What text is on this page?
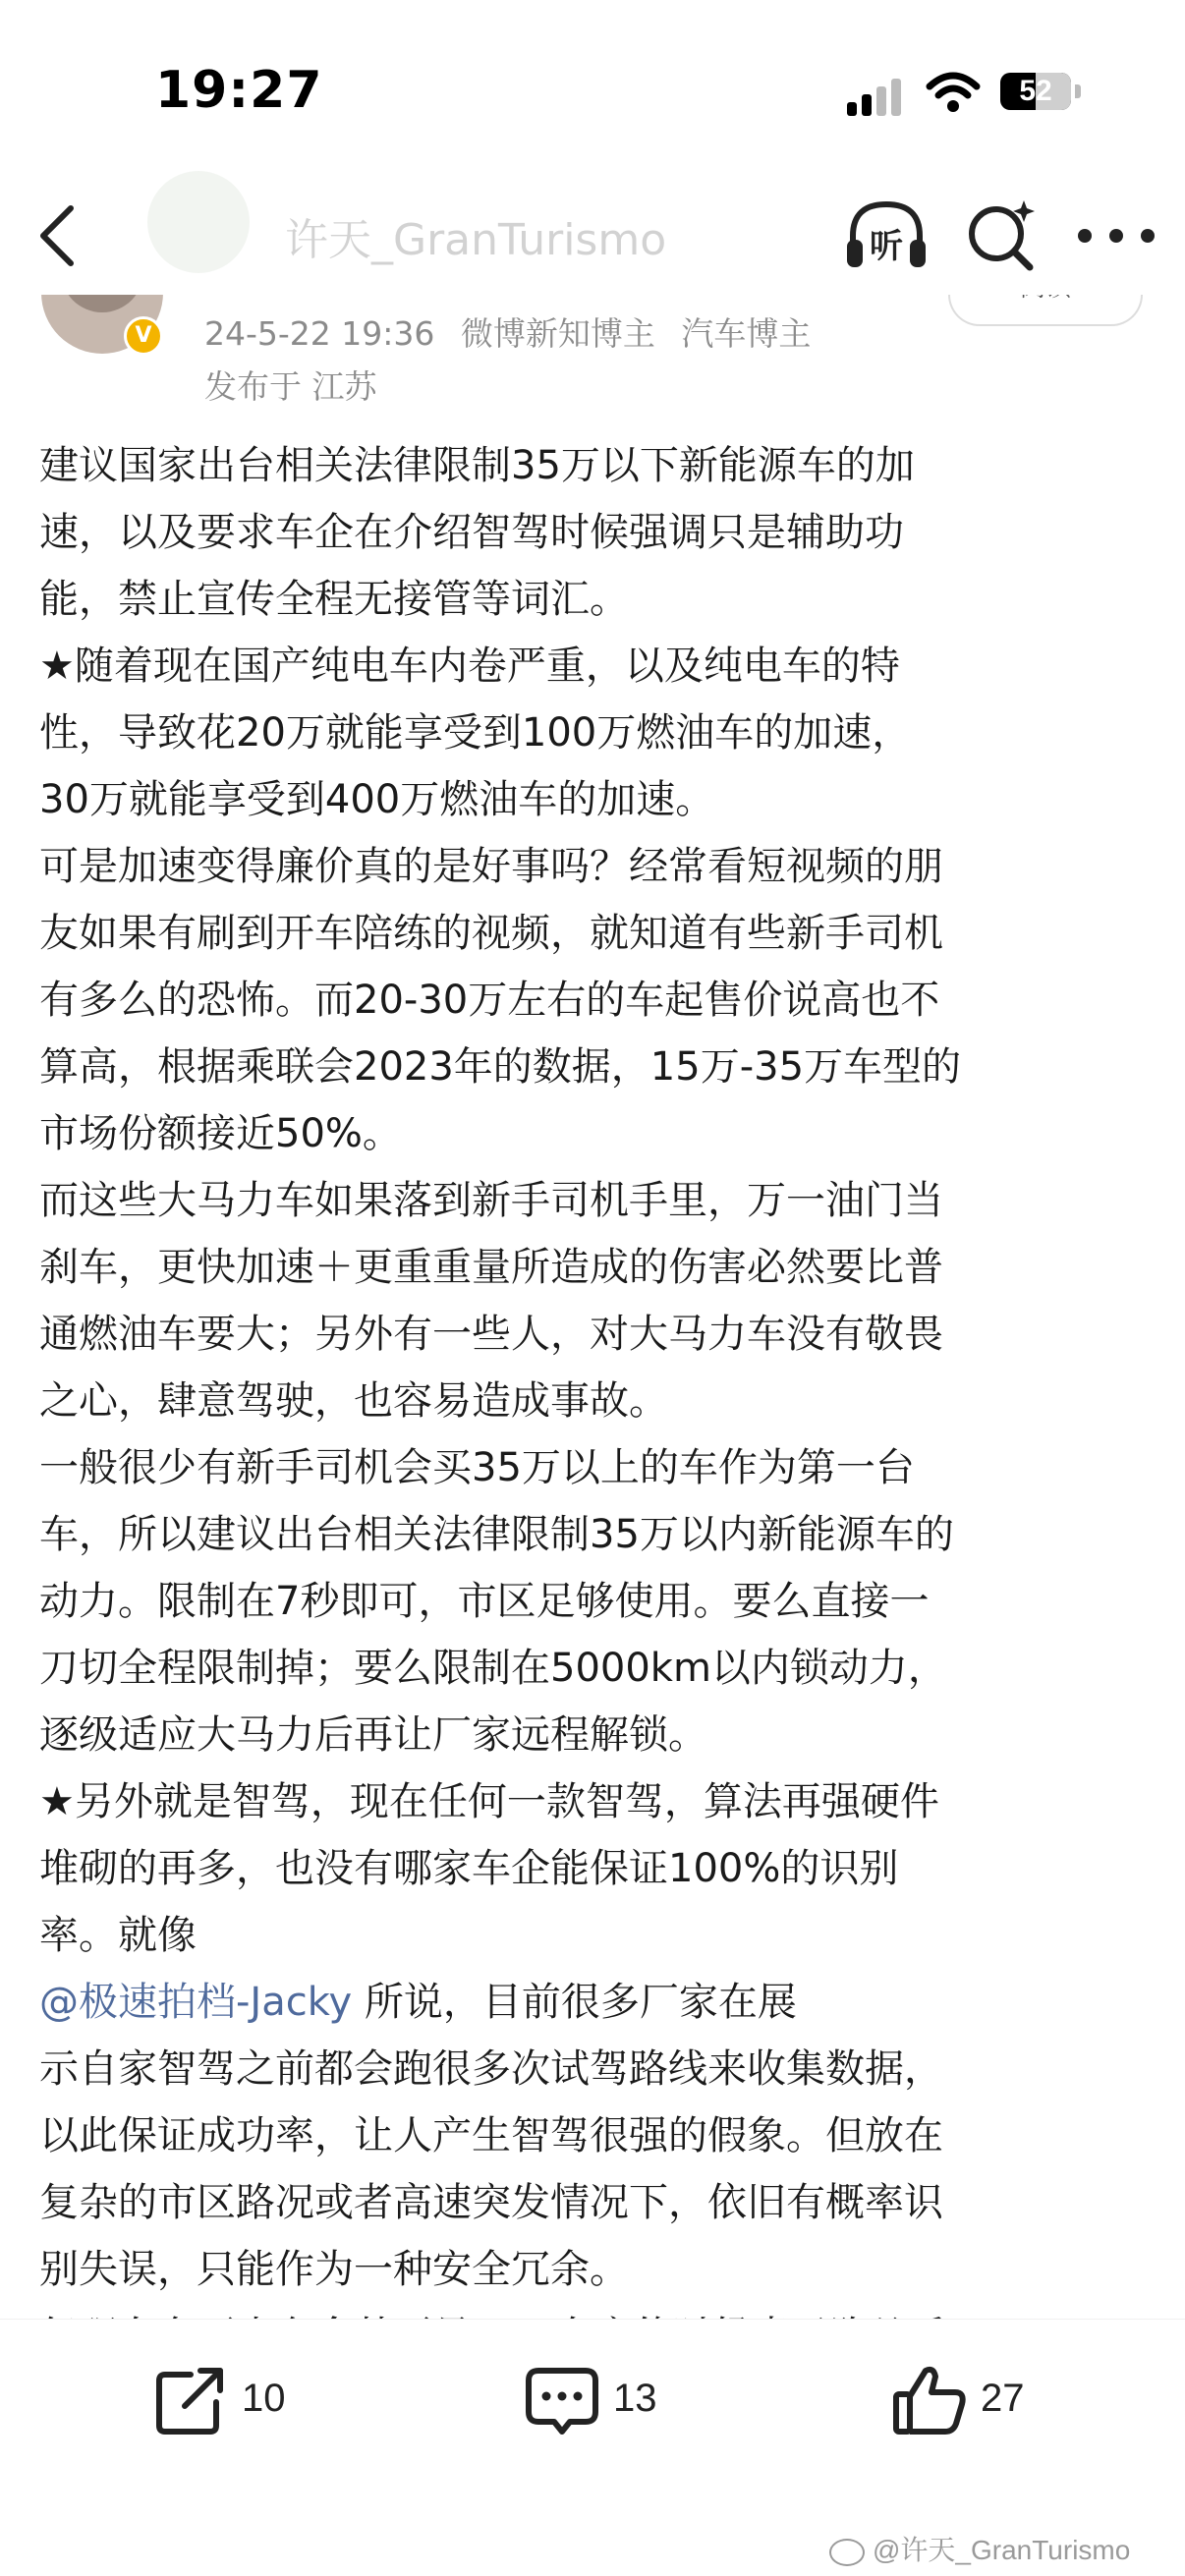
19:27	52
V	24-5-22 19:36 微博新知博主 汽车博主
发布于 江苏
许天_GranTurismo	听
建议国家出台相关法律限制35万以下新能源车的加
速，以及要求车企在介绍智驾时候强调只是辅助功
能，禁止宣传全程无接管等词汇。
★随着现在国产纯电车内卷严重，以及纯电车的特
性，导致花20万就能享受到100万燃油车的加速，
30万就能享受到400万燃油车的加速。
可是加速变得廉价真的是好事吗？经常看短视频的朋
友如果有刷到开车陪练的视频，就知道有些新手司机
有多么的恐怖。而20-30万左右的车起售价说高也不
算高，根据乘联会2023年的数据，15万-35万车型的
市场份额接近50%。
而这些大马力车如果落到新手司机手里，万一油门当
刹车，更快加速＋更重重量所造成的伤害必然要比普
通燃油车要大；另外有一些人，对大马力车没有敬畏
之心，肆意驾驶，也容易造成事故。
一般很少有新手司机会买35万以上的车作为第一台
车，所以建议出台相关法律限制35万以内新能源车的
动力。限制在7秒即可，市区足够使用。要么直接一
刀切全程限制掉；要么限制在5000km以内锁动力，
逐级适应大马力后再让厂家远程解锁。
★另外就是智驾，现在任何一款智驾，算法再强硬件
堆砌的再多，也没有哪家车企能保证100%的识别
率。就像
@极速拍档-Jacky 所说，目前很多厂家在展
示自家智驾之前都会跑很多次试驾路线来收集数据，
以此保证成功率，让人产生智驾很强的假象。但放在
复杂的市区路况或者高速突发情况下，依旧有概率识
别失误，只能作为一种安全冗余。
10	13	27
@许天_GranTurismo
